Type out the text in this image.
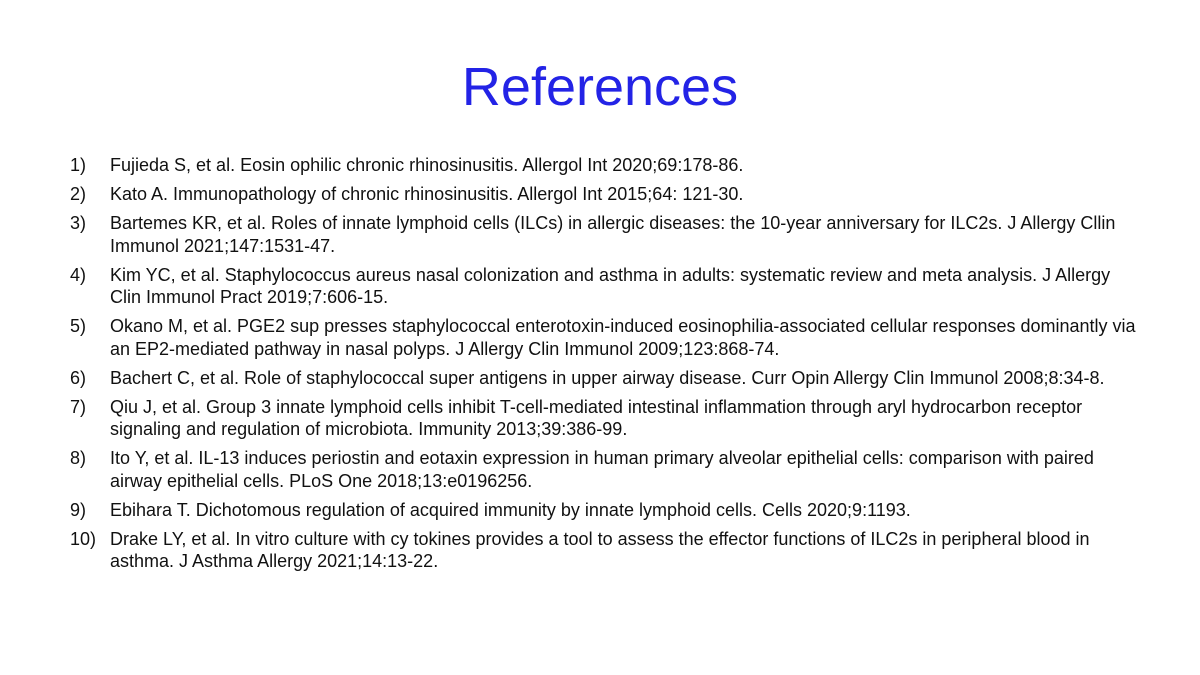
References
1)	Fujieda S, et al. Eosin ophilic chronic rhinosinusitis. Allergol Int 2020;69:178-86.
2)	Kato A. Immunopathology of chronic rhinosinusitis. Allergol Int 2015;64: 121-30.
3)	Bartemes KR, et al. Roles of innate lymphoid cells (ILCs) in allergic diseases: the 10-year anniversary for ILC2s. J Allergy Cllin Immunol 2021;147:1531-47.
4)	Kim YC, et al. Staphylococcus aureus nasal colonization and asthma in adults: systematic review and meta analysis. J Allergy Clin Immunol Pract 2019;7:606-15.
5)	Okano M, et al. PGE2 sup presses staphylococcal enterotoxin-induced eosinophilia-associated cellular responses dominantly via an EP2-mediated pathway in nasal polyps. J Allergy Clin Immunol 2009;123:868-74.
6)	Bachert C, et al. Role of staphylococcal super antigens in upper airway disease. Curr Opin Allergy Clin Immunol 2008;8:34-8.
7)	Qiu J, et al. Group 3 innate lymphoid cells inhibit T-cell-mediated intestinal inflammation through aryl hydrocarbon receptor signaling and regulation of microbiota. Immunity 2013;39:386-99.
8)	Ito Y, et al. IL-13 induces periostin and eotaxin expression in human primary alveolar epithelial cells: comparison with paired airway epithelial cells. PLoS One 2018;13:e0196256.
9)	Ebihara T. Dichotomous regulation of acquired immunity by innate lymphoid cells. Cells 2020;9:1193.
10) Drake LY, et al. In vitro culture with cy tokines provides a tool to assess the effector functions of ILC2s in peripheral blood in asthma. J Asthma Allergy 2021;14:13-22.
